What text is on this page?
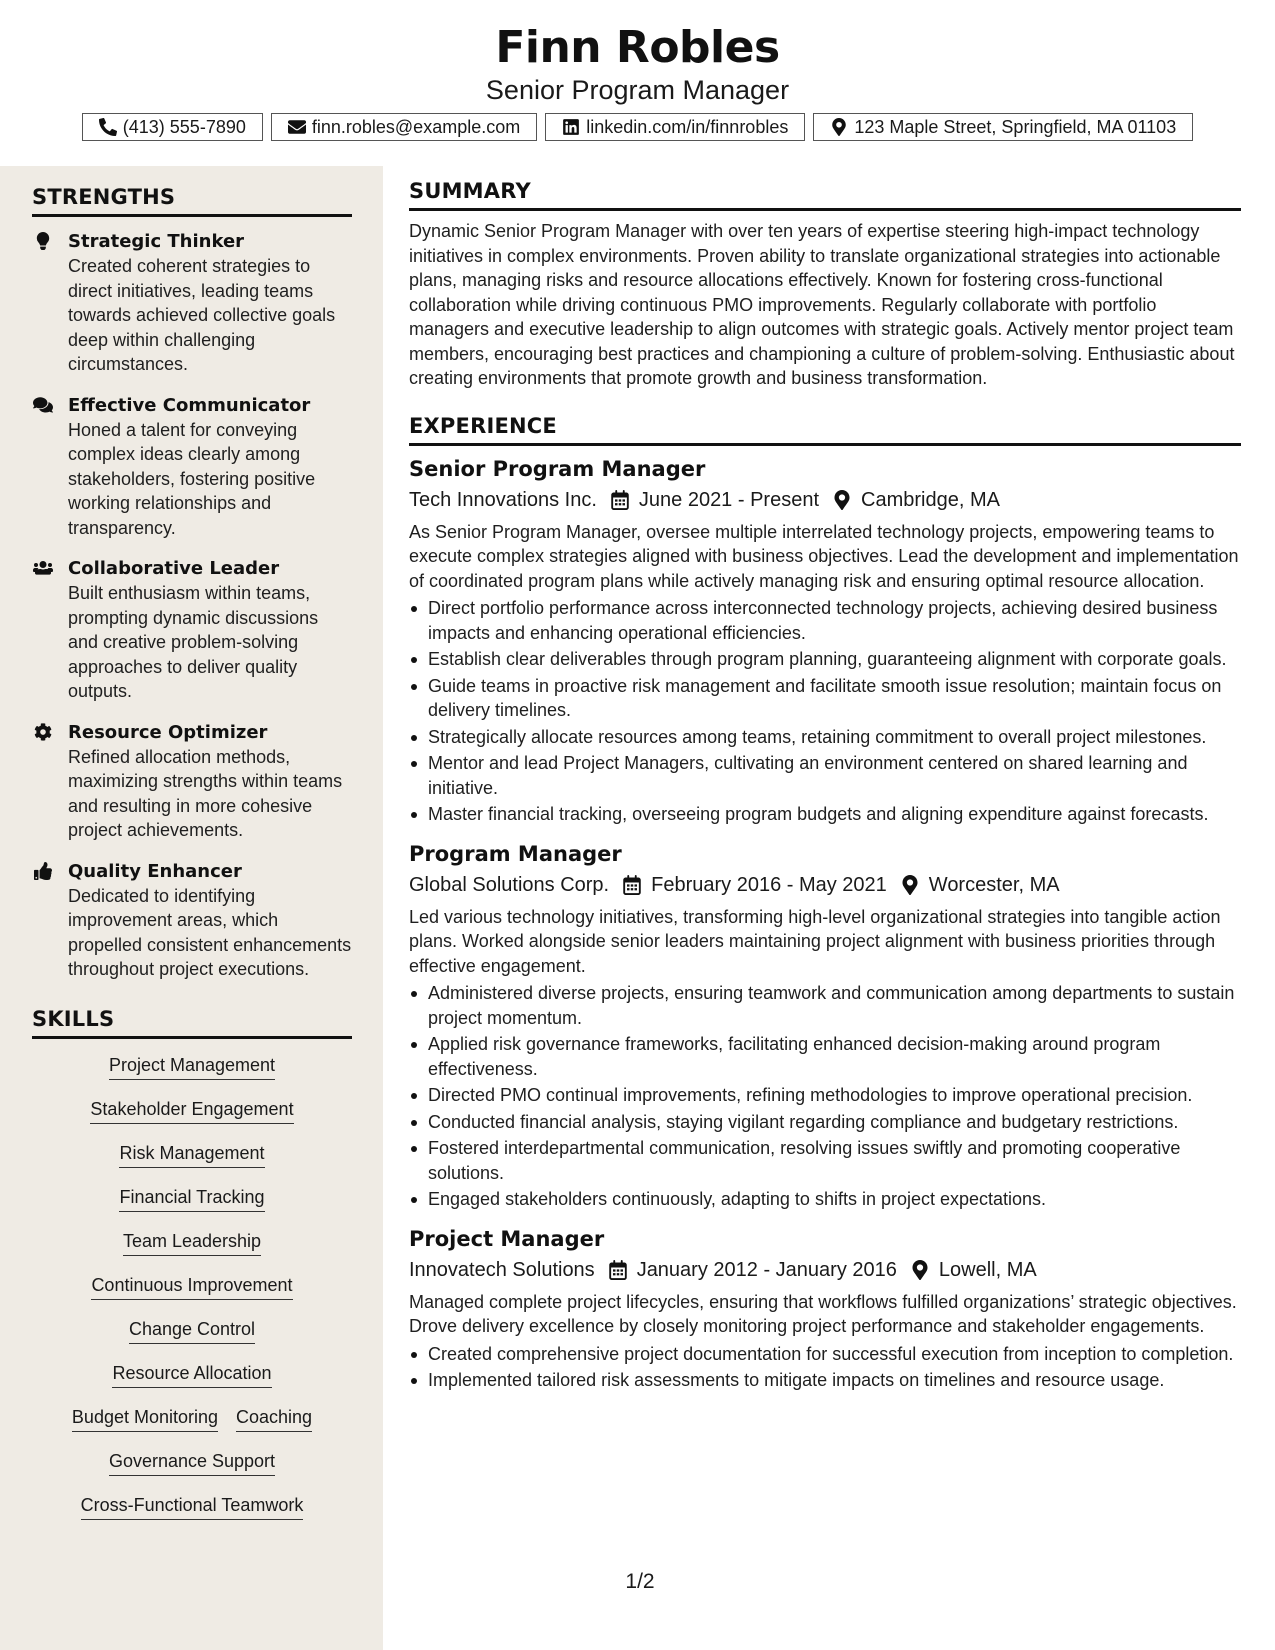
Finn Robles
Senior Program Manager
(413) 555-7890	finn.robles@example.com	linkedin.com/in/finnrobles	123 Maple Street, Springfield, MA 01103
STRENGTHS
Strategic Thinker
Created coherent strategies to direct initiatives, leading teams towards achieved collective goals deep within challenging circumstances.
Effective Communicator
Honed a talent for conveying complex ideas clearly among stakeholders, fostering positive working relationships and transparency.
Collaborative Leader
Built enthusiasm within teams, prompting dynamic discussions and creative problem-solving approaches to deliver quality outputs.
Resource Optimizer
Refined allocation methods, maximizing strengths within teams and resulting in more cohesive project achievements.
Quality Enhancer
Dedicated to identifying improvement areas, which propelled consistent enhancements throughout project executions.
SKILLS
Project Management
Stakeholder Engagement
Risk Management
Financial Tracking
Team Leadership
Continuous Improvement
Change Control
Resource Allocation
Budget Monitoring Coaching
Governance Support
Cross-Functional Teamwork
SUMMARY

Dynamic Senior Program Manager with over ten years of expertise steering high-impact technology initiatives in complex environments. Proven ability to translate organizational strategies into actionable plans, managing risks and resource allocations effectively. Known for fostering cross-functional collaboration while driving continuous PMO improvements. Regularly collaborate with portfolio managers and executive leadership to align outcomes with strategic goals. Actively mentor project team members, encouraging best practices and championing a culture of problem-solving. Enthusiastic about creating environments that promote growth and business transformation.

EXPERIENCE
Senior Program Manager
Tech Innovations Inc. June 2021 - Present Cambridge, MA

As Senior Program Manager, oversee multiple interrelated technology projects, empowering teams to execute complex strategies aligned with business objectives. Lead the development and implementation of coordinated program plans while actively managing risk and ensuring optimal resource allocation.

Direct portfolio performance across interconnected technology projects, achieving desired business impacts and enhancing operational efficiencies.
Establish clear deliverables through program planning, guaranteeing alignment with corporate goals.
Guide teams in proactive risk management and facilitate smooth issue resolution; maintain focus on delivery timelines.
Strategically allocate resources among teams, retaining commitment to overall project milestones.
Mentor and lead Project Managers, cultivating an environment centered on shared learning and initiative.
Master financial tracking, overseeing program budgets and aligning expenditure against forecasts.
Program Manager
Global Solutions Corp. February 2016 - May 2021 Worcester, MA

Led various technology initiatives, transforming high-level organizational strategies into tangible action plans. Worked alongside senior leaders maintaining project alignment with business priorities through effective engagement.

Administered diverse projects, ensuring teamwork and communication among departments to sustain project momentum.
Applied risk governance frameworks, facilitating enhanced decision-making around program effectiveness.
Directed PMO continual improvements, refining methodologies to improve operational precision.
Conducted financial analysis, staying vigilant regarding compliance and budgetary restrictions.
Fostered interdepartmental communication, resolving issues swiftly and promoting cooperative solutions.
Engaged stakeholders continuously, adapting to shifts in project expectations.
Project Manager
Innovatech Solutions January 2012 - January 2016 Lowell, MA

Managed complete project lifecycles, ensuring that workflows fulfilled organizations’ strategic objectives. Drove delivery excellence by closely monitoring project performance and stakeholder engagements.

Created comprehensive project documentation for successful execution from inception to completion.
Implemented tailored risk assessments to mitigate impacts on timelines and resource usage.
1/2
